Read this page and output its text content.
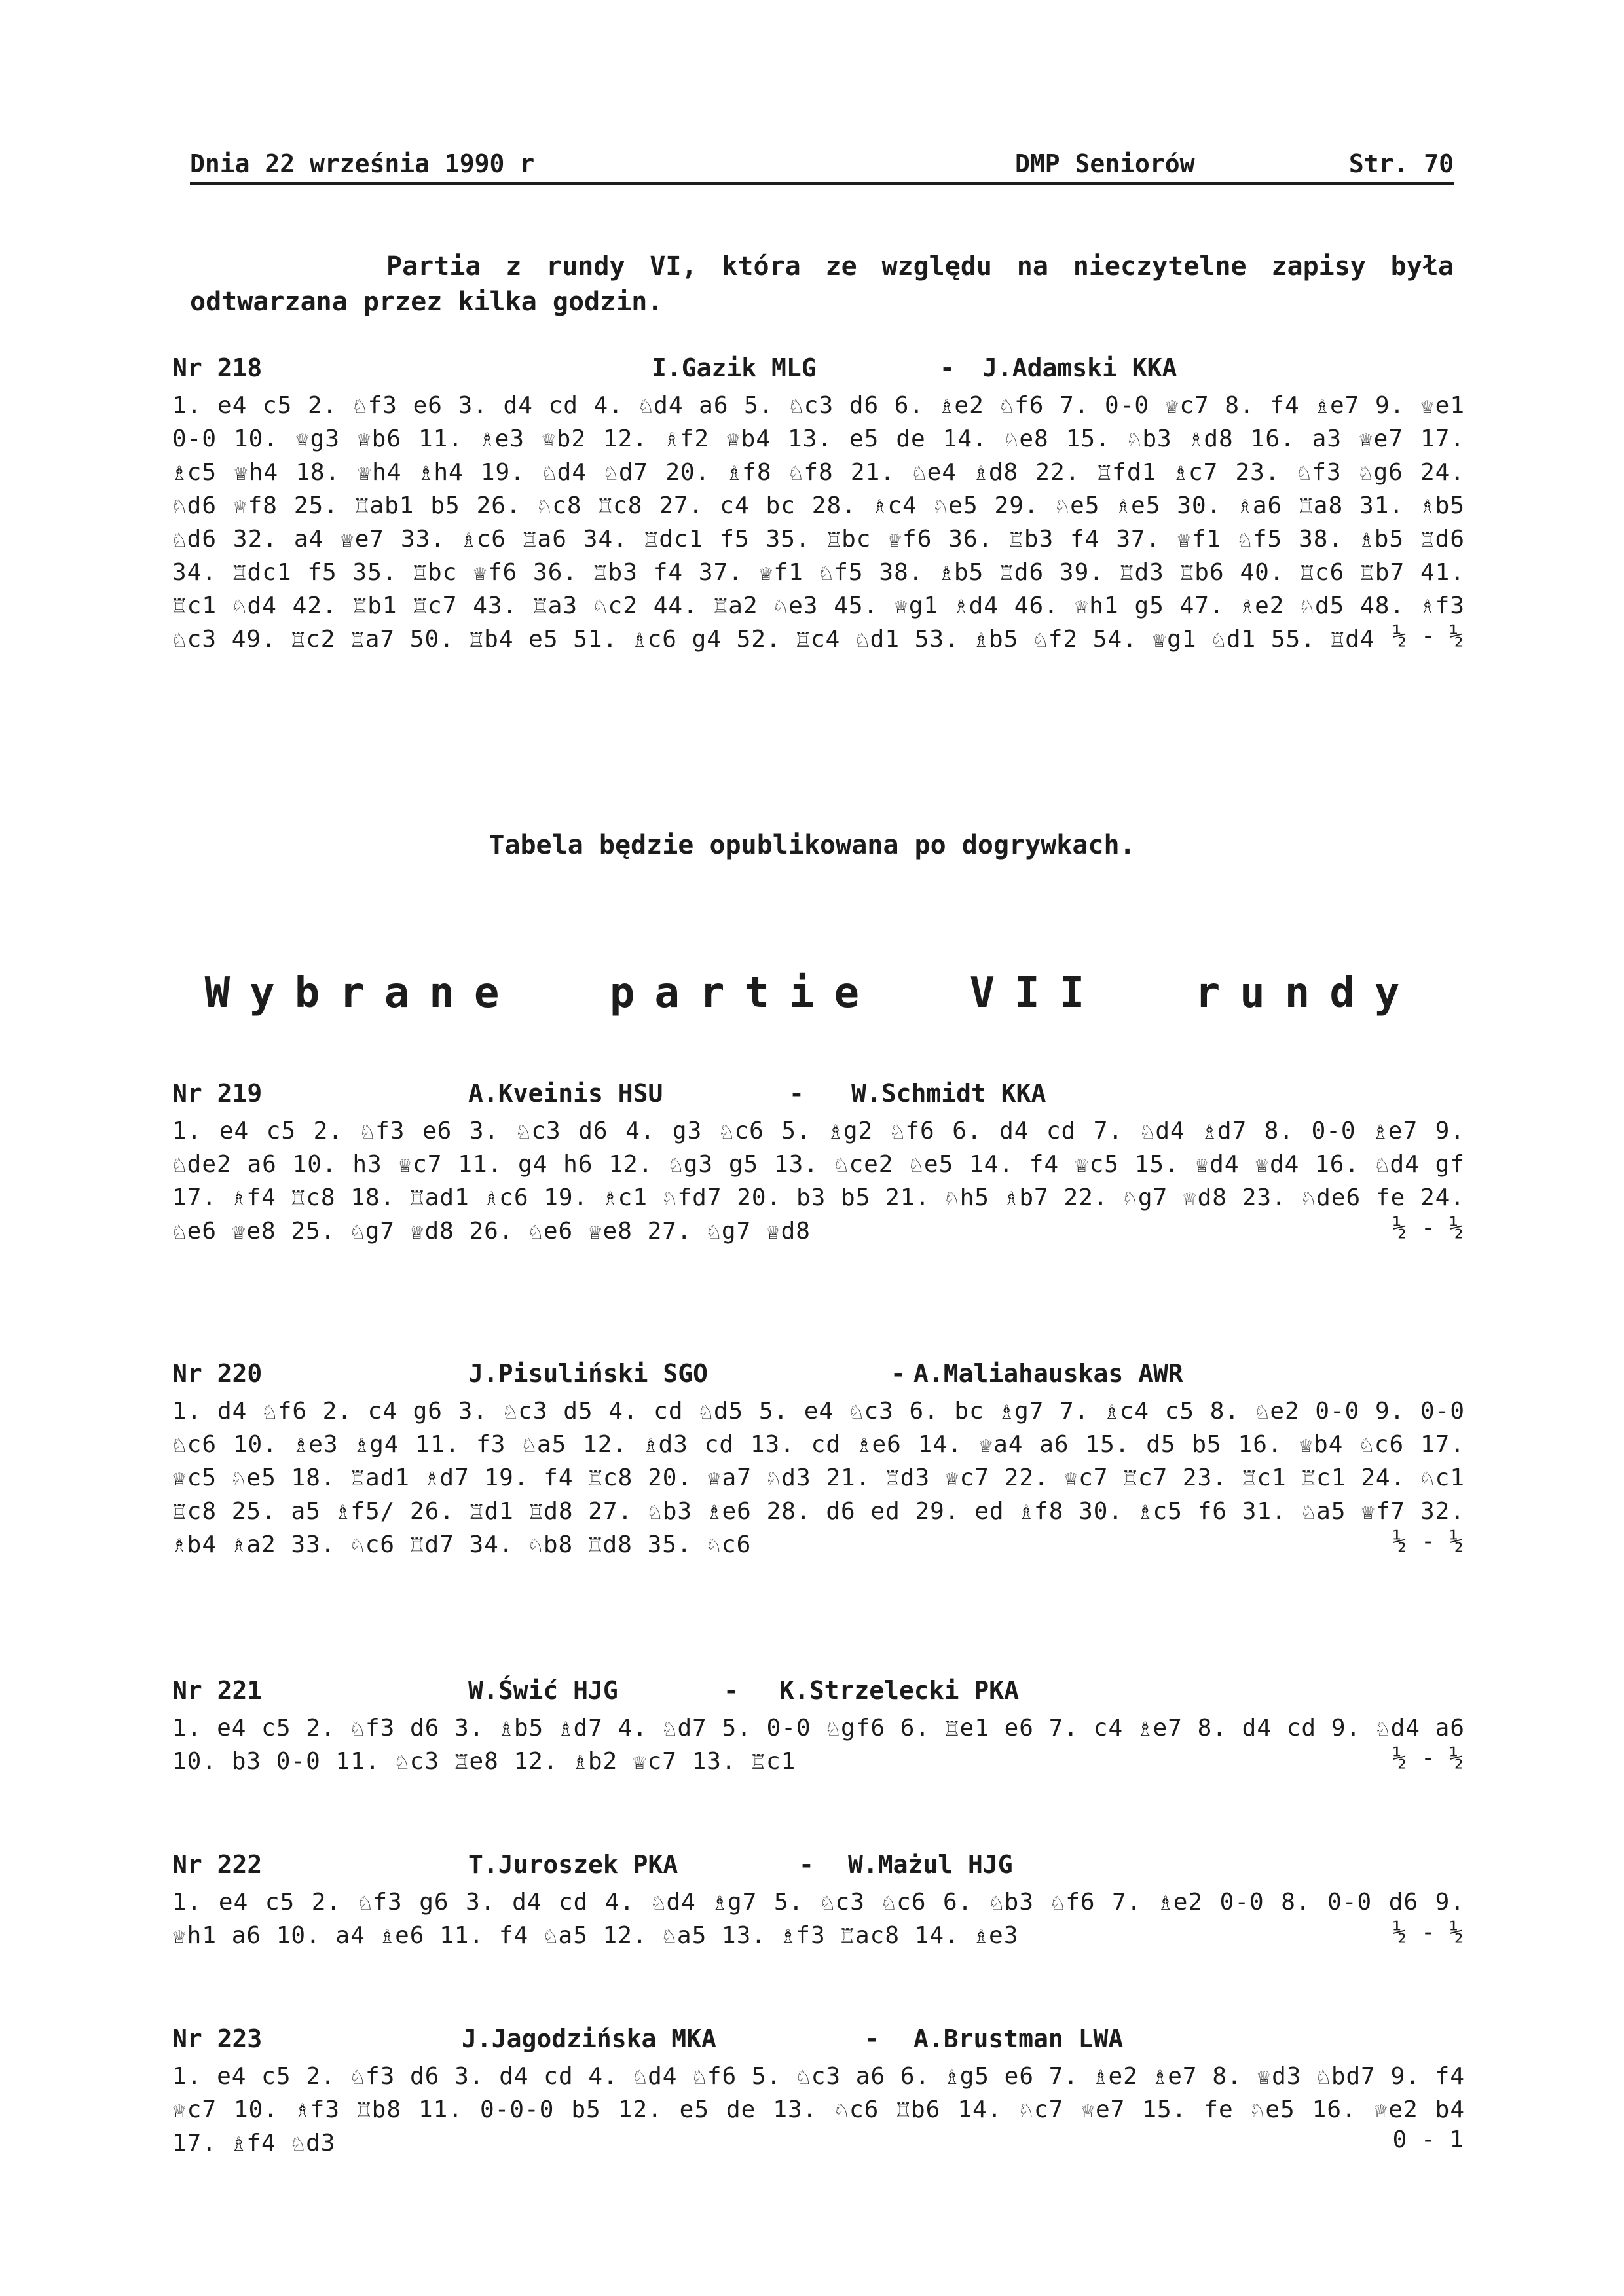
Dnia 22 września 1990 r	DMP Seniorów	Str. 70

Partia z rundy VI, która ze względu na nieczytelne zapisy była odtwarzana przez kilka godzin.

Nr 218	I.Gazik MLG	- J.Adamski KKA

1. e4 c5 2. ♘f3 e6 3. d4 cd 4. ♘d4 a6 5. ♘c3 d6 6. ♗e2 ♘f6 7. 0-0 ♕c7 8. f4 ♗e7 9. ♕e1 0-0 10. ♕g3 ♕b6 11. ♗e3 ♕b2 12. ♗f2 ♕b4 13. e5 de 14. ♘e8 15. ♘b3 ♗d8 16. a3 ♕e7 17. ♗c5 ♕h4 18. ♕h4 ♗h4 19. ♘d4 ♘d7 20. ♗f8 ♘f8 21. ♘e4 ♗d8 22. ♖fd1 ♗c7 23. ♘f3 ♘g6 24. ♘d6 ♕f8 25. ♖ab1 b5 26. ♘c8 ♖c8 27. c4 bc 28. ♗c4 ♘e5 29. ♘e5 ♗e5 30. ♗a6 ♖a8 31. ♗b5 ♘d6 32. a4 ♕e7 33. ♗c6 ♖a6 34. ♖dc1 f5 35. ♖bc ♕f6 36. ♖b3 f4 37. ♕f1 ♘f5 38. ♗b5 ♖d6 34. ♖dc1 f5 35. ♖bc ♕f6 36. ♖b3 f4 37. ♕f1 ♘f5 38. ♗b5 ♖d6 39. ♖d3 ♖b6 40. ♖c6 ♖b7 41. ♖c1 ♘d4 42. ♖b1 ♖c7 43. ♖a3 ♘c2 44. ♖a2 ♘e3 45. ♕g1 ♗d4 46. ♕h1 g5 47. ♗e2 ♘d5 48. ♗f3 ♘c3 49. ♖c2 ♖a7 50. ♖b4 e5 51. ♗c6 g4 52. ♖c4 ♘d1 53. ♗b5 ♘f2 54. ♕g1 ♘d1 55. ♖d4 ½ - ½
Tabela będzie opublikowana po dogrywkach.
Wybrane partie VII rundy
Nr 219	A.Kveinis HSU	- W.Schmidt KKA

1. e4 c5 2. ♘f3 e6 3. ♘c3 d6 4. g3 ♘c6 5. ♗g2 ♘f6 6. d4 cd 7. ♘d4 ♗d7 8. 0-0 ♗e7 9. ♘de2 a6 10. h3 ♕c7 11. g4 h6 12. ♘g3 g5 13. ♘ce2 ♘e5 14. f4 ♕c5 15. ♕d4 ♕d4 16. ♘d4 gf 17. ♗f4 ♖c8 18. ♖ad1 ♗c6 19. ♗c1 ♘fd7 20. b3 b5 21. ♘h5 ♗b7 22. ♘g7 ♕d8 23. ♘de6 fe 24. ♘e6 ♕e8 25. ♘g7 ♕d8 26. ♘e6 ♕e8 27. ♘g7 ♕d8	½ - ½
Nr 220	J.Pisuliński SGO	- A.Maliahauskas AWR

1. d4 ♘f6 2. c4 g6 3. ♘c3 d5 4. cd ♘d5 5. e4 ♘c3 6. bc ♗g7 7. ♗c4 c5 8. ♘e2 0-0 9. 0-0 ♘c6 10. ♗e3 ♗g4 11. f3 ♘a5 12. ♗d3 cd 13. cd ♗e6 14. ♕a4 a6 15. d5 b5 16. ♕b4 ♘c6 17. ♕c5 ♘e5 18. ♖ad1 ♗d7 19. f4 ♖c8 20. ♕a7 ♘d3 21. ♖d3 ♕c7 22. ♕c7 ♖c7 23. ♖c1 ♖c1 24. ♘c1 ♖c8 25. a5 ♗f5/ 26. ♖d1 ♖d8 27. ♘b3 ♗e6 28. d6 ed 29. ed ♗f8 30. ♗c5 f6 31. ♘a5 ♕f7 32. ♗b4 ♗a2 33. ♘c6 ♖d7 34. ♘b8 ♖d8 35. ♘c6	½ - ½
Nr 221	W.Świć HJG	- K.Strzelecki PKA

1. e4 c5 2. ♘f3 d6 3. ♗b5 ♗d7 4. ♘d7 5. 0-0 ♘gf6 6. ♖e1 e6 7. c4 ♗e7 8. d4 cd 9. ♘d4 a6 10. b3 0-0 11. ♘c3 ♖e8 12. ♗b2 ♕c7 13. ♖c1	½ - ½
Nr 222	T.Juroszek PKA	- W.Mażul HJG

1. e4 c5 2. ♘f3 g6 3. d4 cd 4. ♘d4 ♗g7 5. ♘c3 ♘c6 6. ♘b3 ♘f6 7. ♗e2 0-0 8. 0-0 d6 9. ♕h1 a6 10. a4 ♗e6 11. f4 ♘a5 12. ♘a5 13. ♗f3 ♖ac8 14. ♗e3	½ - ½
Nr 223	J.Jagodzińska MKA	- A.Brustman LWA

1. e4 c5 2. ♘f3 d6 3. d4 cd 4. ♘d4 ♘f6 5. ♘c3 a6 6. ♗g5 e6 7. ♗e2 ♗e7 8. ♕d3 ♘bd7 9. f4 ♕c7 10. ♗f3 ♖b8 11. 0-0-0 b5 12. e5 de 13. ♘c6 ♖b6 14. ♘c7 ♕e7 15. fe ♘e5 16. ♕e2 b4 17. ♗f4 ♘d3	0 - 1
